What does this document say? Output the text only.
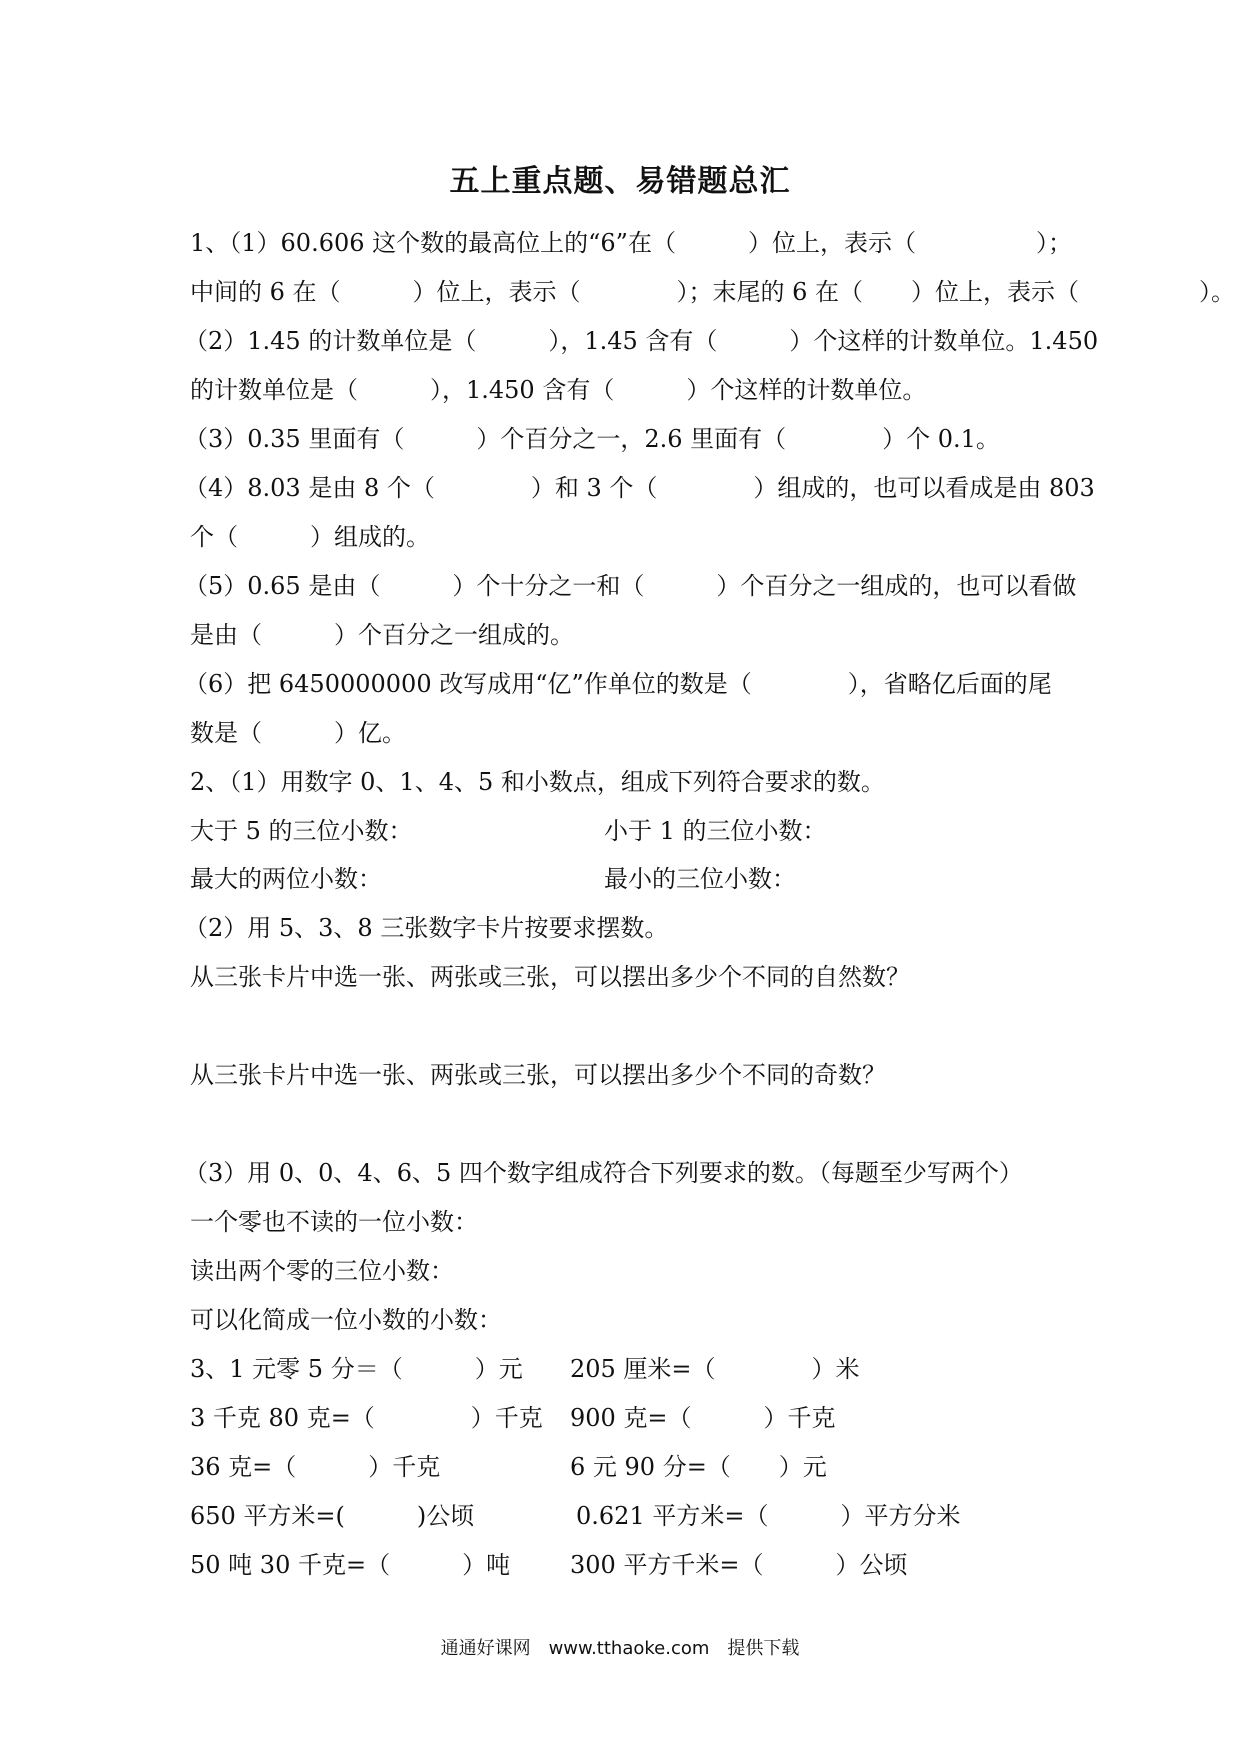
五上重点题、易错题总汇
1、（1）60.606 这个数的最高位上的“6”在（　　　）位上，表示（　　　　　）；
中间的 6 在（　　　）位上，表示（　　　　）；末尾的 6 在（　　）位上，表示（　　　　　）。
（2）1.45 的计数单位是（　　　），1.45 含有（　　　）个这样的计数单位。1.450
的计数单位是（　　　），1.450 含有（　　　）个这样的计数单位。
（3）0.35 里面有（　　　）个百分之一，2.6 里面有（　　　　）个 0.1。
（4）8.03 是由 8 个（　　　　）和 3 个（　　　　）组成的，也可以看成是由 803
个（　　　）组成的。
（5）0.65 是由（　　　）个十分之一和（　　　）个百分之一组成的，也可以看做
是由（　　　）个百分之一组成的。
（6）把 6450000000 改写成用“亿”作单位的数是（　　　　），省略亿后面的尾
数是（　　　）亿。
2、（1）用数字 0、1、4、5 和小数点，组成下列符合要求的数。
大于 5 的三位小数：	小于 1 的三位小数：
最大的两位小数：	最小的三位小数：
（2）用 5、3、8 三张数字卡片按要求摆数。
从三张卡片中选一张、两张或三张，可以摆出多少个不同的自然数？
从三张卡片中选一张、两张或三张，可以摆出多少个不同的奇数？
（3）用 0、0、4、6、5 四个数字组成符合下列要求的数。（每题至少写两个）
一个零也不读的一位小数：
读出两个零的三位小数：
可以化简成一位小数的小数：
3、1 元零 5 分＝（　　　）元 205 厘米=（　　　　）米
3 千克 80 克=（　　　　）千克 900 克=（　　　）千克
36 克=（　　　）千克	6 元 90 分=（　　）元
650 平方米=(　　　)公顷	0.621 平方米=（　　　）平方分米
50 吨 30 千克=（　　　）吨 300 平方千米=（　　　）公顷
通通好课网　www.tthaoke.com　提供下载
